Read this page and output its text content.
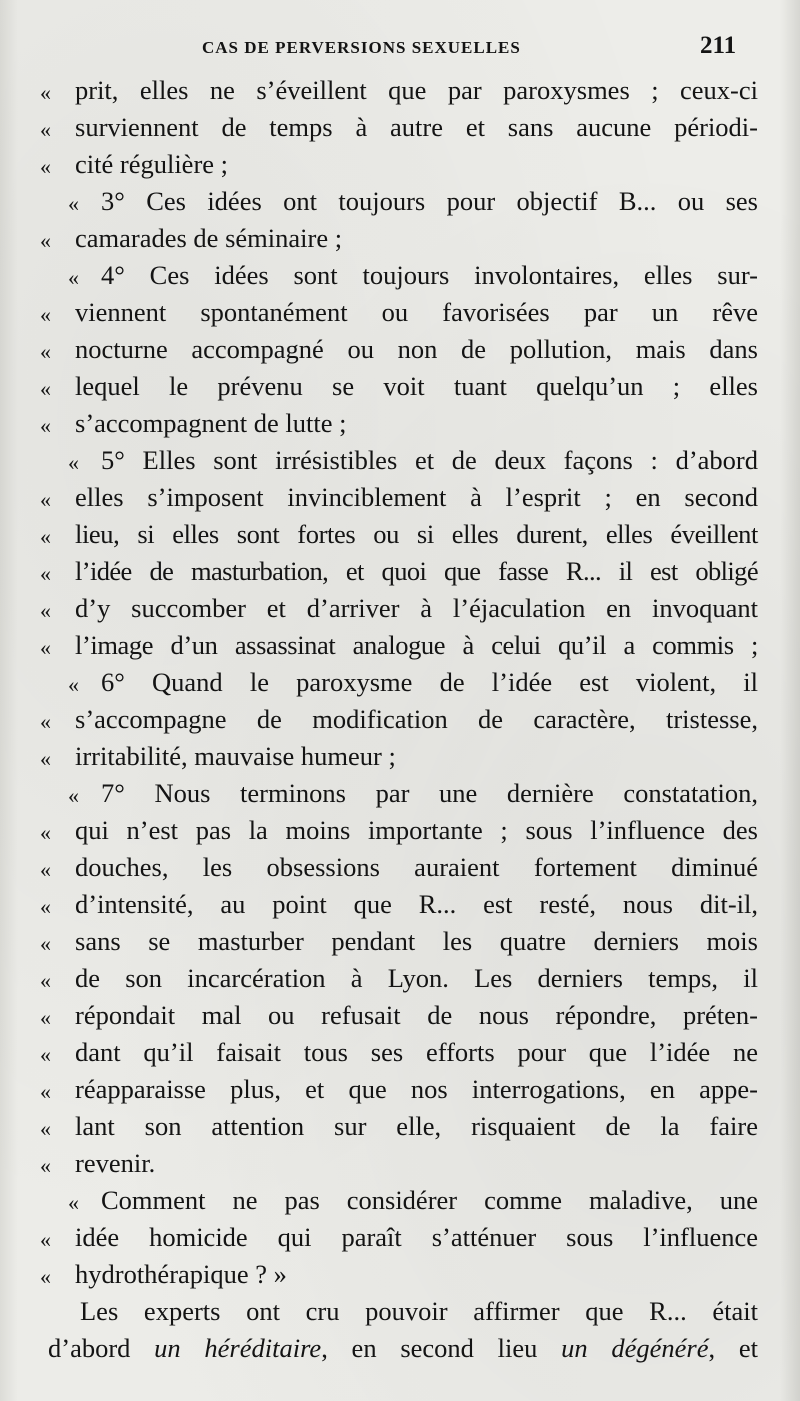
CAS DE PERVERSIONS SEXUELLES	211
« prit, elles ne s’éveillent que par paroxysmes ; ceux-ci
« surviennent de temps à autre et sans aucune périodi-
« cité régulière ;
« 3° Ces idées ont toujours pour objectif B... ou ses
« camarades de séminaire ;
« 4° Ces idées sont toujours involontaires, elles sur-
« viennent spontanément ou favorisées par un rêve
« nocturne accompagné ou non de pollution, mais dans
« lequel le prévenu se voit tuant quelqu’un ; elles
« s’accompagnent de lutte ;
« 5° Elles sont irrésistibles et de deux façons : d’abord
« elles s’imposent invinciblement à l’esprit ; en second
« lieu, si elles sont fortes ou si elles durent, elles éveillent
« l’idée de masturbation, et quoi que fasse R... il est obligé
« d’y succomber et d’arriver à l’éjaculation en invoquant
« l’image d’un assassinat analogue à celui qu’il a commis ;
« 6° Quand le paroxysme de l’idée est violent, il
« s’accompagne de modification de caractère, tristesse,
« irritabilité, mauvaise humeur ;
« 7° Nous terminons par une dernière constatation,
« qui n’est pas la moins importante ; sous l’influence des
« douches, les obsessions auraient fortement diminué
« d’intensité, au point que R... est resté, nous dit-il,
« sans se masturber pendant les quatre derniers mois
« de son incarcération à Lyon. Les derniers temps, il
« répondait mal ou refusait de nous répondre, préten-
« dant qu’il faisait tous ses efforts pour que l’idée ne
« réapparaisse plus, et que nos interrogations, en appe-
« lant son attention sur elle, risquaient de la faire
« revenir.
« Comment ne pas considérer comme maladive, une
« idée homicide qui paraît s’atténuer sous l’influence
« hydrothérapique ? »
Les experts ont cru pouvoir affirmer que R... était
d’abord un héréditaire, en second lieu un dégénéré, et
